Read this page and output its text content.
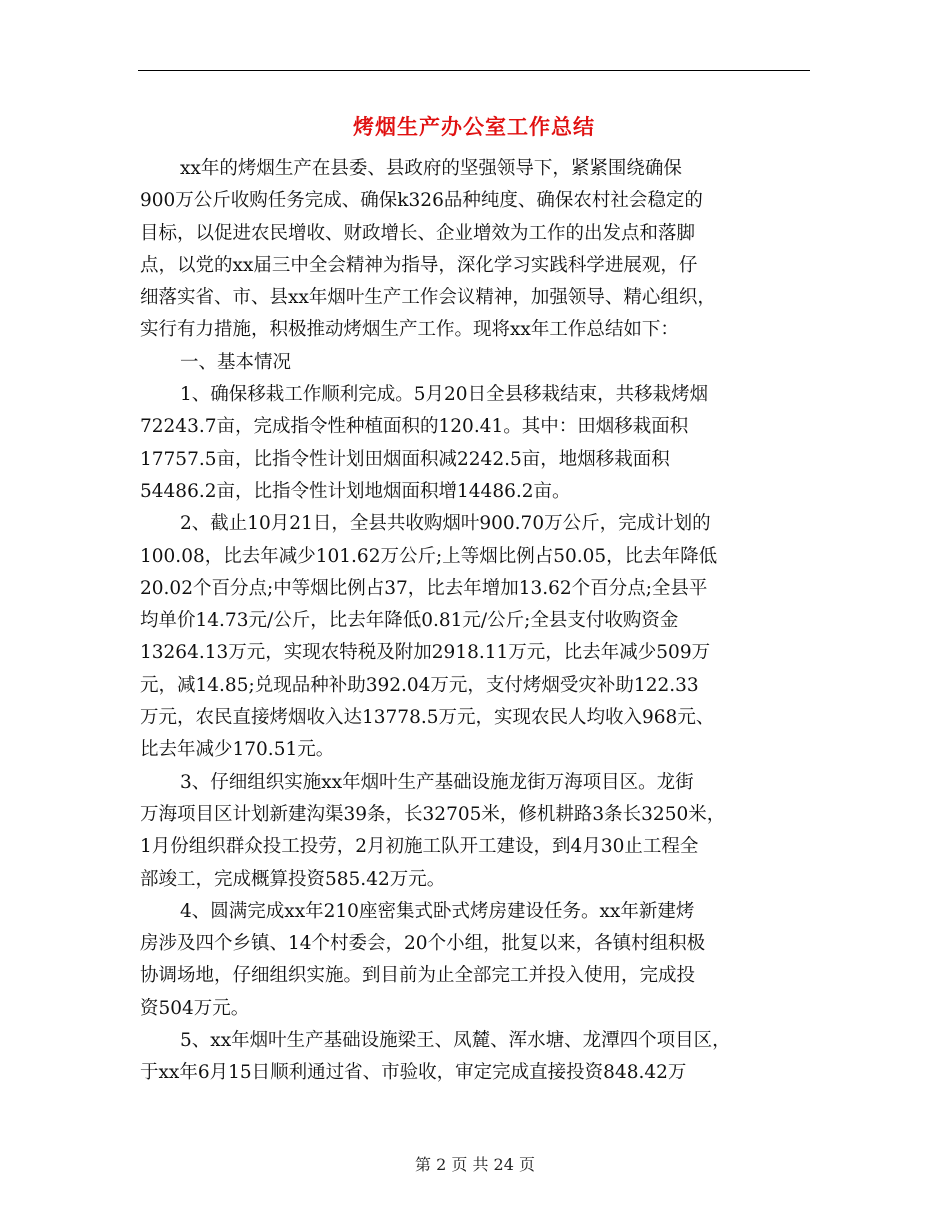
烤烟生产办公室工作总结
xx年的烤烟生产在县委、县政府的坚强领导下，紧紧围绕确保
900万公斤收购任务完成、确保k326品种纯度、确保农村社会稳定的
目标，以促进农民增收、财政增长、企业增效为工作的出发点和落脚
点，以党的xx届三中全会精神为指导，深化学习实践科学进展观，仔
细落实省、市、县xx年烟叶生产工作会议精神，加强领导、精心组织，
实行有力措施，积极推动烤烟生产工作。现将xx年工作总结如下：
一、基本情况
1、确保移栽工作顺利完成。5月20日全县移栽结束，共移栽烤烟
72243.7亩，完成指令性种植面积的120.41。其中：田烟移栽面积
17757.5亩，比指令性计划田烟面积减2242.5亩，地烟移栽面积
54486.2亩，比指令性计划地烟面积增14486.2亩。
2、截止10月21日，全县共收购烟叶900.70万公斤，完成计划的
100.08，比去年减少101.62万公斤;上等烟比例占50.05，比去年降低
20.02个百分点;中等烟比例占37，比去年增加13.62个百分点;全县平
均单价14.73元/公斤，比去年降低0.81元/公斤;全县支付收购资金
13264.13万元，实现农特税及附加2918.11万元，比去年减少509万
元，减14.85;兑现品种补助392.04万元，支付烤烟受灾补助122.33
万元，农民直接烤烟收入达13778.5万元，实现农民人均收入968元、
比去年减少170.51元。
3、仔细组织实施xx年烟叶生产基础设施龙街万海项目区。龙街
万海项目区计划新建沟渠39条，长32705米，修机耕路3条长3250米，
1月份组织群众投工投劳，2月初施工队开工建设，到4月30止工程全
部竣工，完成概算投资585.42万元。
4、圆满完成xx年210座密集式卧式烤房建设任务。xx年新建烤
房涉及四个乡镇、14个村委会，20个小组，批复以来，各镇村组积极
协调场地，仔细组织实施。到目前为止全部完工并投入使用，完成投
资504万元。
5、xx年烟叶生产基础设施梁王、凤麓、浑水塘、龙潭四个项目区，
于xx年6月15日顺利通过省、市验收，审定完成直接投资848.42万
第 2 页 共 24 页
